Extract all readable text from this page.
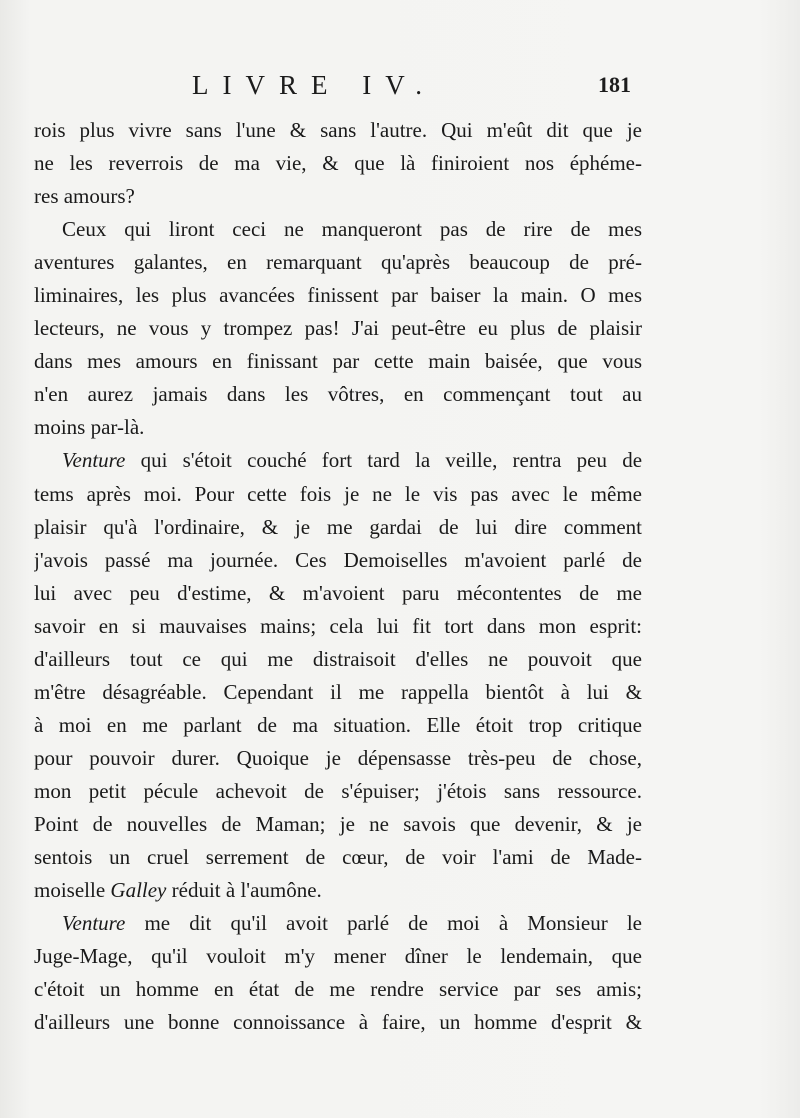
LIVRE IV.	181
rois plus vivre sans l'une & sans l'autre. Qui m'eût dit que je
ne les reverrois de ma vie, & que là finiroient nos éphéme-
res amours?
Ceux qui liront ceci ne manqueront pas de rire de mes
aventures galantes, en remarquant qu'après beaucoup de pré-
liminaires, les plus avancées finissent par baiser la main. O mes
lecteurs, ne vous y trompez pas! J'ai peut-être eu plus de plaisir
dans mes amours en finissant par cette main baisée, que vous
n'en aurez jamais dans les vôtres, en commençant tout au
moins par-là.
Venture qui s'étoit couché fort tard la veille, rentra peu de
tems après moi. Pour cette fois je ne le vis pas avec le même
plaisir qu'à l'ordinaire, & je me gardai de lui dire comment
j'avois passé ma journée. Ces Demoiselles m'avoient parlé de
lui avec peu d'estime, & m'avoient paru mécontentes de me
savoir en si mauvaises mains; cela lui fit tort dans mon esprit:
d'ailleurs tout ce qui me distraisoit d'elles ne pouvoit que
m'être désagréable. Cependant il me rappella bientôt à lui &
à moi en me parlant de ma situation. Elle étoit trop critique
pour pouvoir durer. Quoique je dépensasse très-peu de chose,
mon petit pécule achevoit de s'épuiser; j'étois sans ressource.
Point de nouvelles de Maman; je ne savois que devenir, & je
sentois un cruel serrement de cœur, de voir l'ami de Made-
moiselle Galley réduit à l'aumône.
Venture me dit qu'il avoit parlé de moi à Monsieur le
Juge-Mage, qu'il vouloit m'y mener dîner le lendemain, que
c'étoit un homme en état de me rendre service par ses amis;
d'ailleurs une bonne connoissance à faire, un homme d'esprit &
